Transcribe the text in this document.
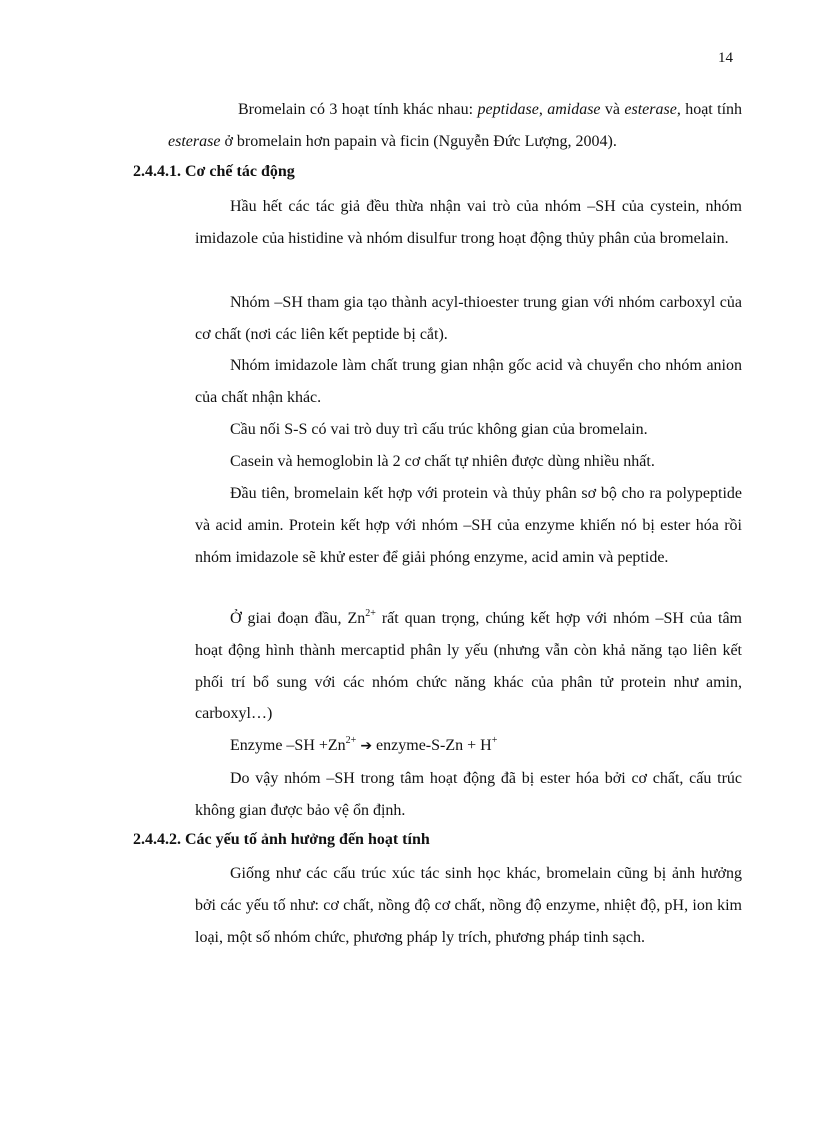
14
Bromelain có 3 hoạt tính khác nhau: peptidase, amidase và esterase, hoạt tính esterase ở bromelain hơn papain và ficin (Nguyễn Đức Lượng, 2004).
2.4.4.1. Cơ chế tác động
Hầu hết các tác giả đều thừa nhận vai trò của nhóm –SH của cystein, nhóm imidazole của histidine và nhóm disulfur trong hoạt động thủy phân của bromelain.
Nhóm –SH tham gia tạo thành acyl-thioester trung gian với nhóm carboxyl của cơ chất (nơi các liên kết peptide bị cắt).
Nhóm imidazole làm chất trung gian nhận gốc acid và chuyển cho nhóm anion của chất nhận khác.
Cầu nối S-S có vai trò duy trì cấu trúc không gian của bromelain.
Casein và hemoglobin là 2 cơ chất tự nhiên được dùng nhiều nhất.
Đầu tiên, bromelain kết hợp với protein và thủy phân sơ bộ cho ra polypeptide và acid amin. Protein kết hợp với nhóm –SH của enzyme khiến nó bị ester hóa rồi nhóm imidazole sẽ khử ester để giải phóng enzyme, acid amin và peptide.
Ở giai đoạn đầu, $Zn^{2+}$ rất quan trọng, chúng kết hợp với nhóm –SH của tâm hoạt động hình thành mercaptid phân ly yếu (nhưng vẫn còn khả năng tạo liên kết phối trí bổ sung với các nhóm chức năng khác của phân tử protein như amin, carboxyl…)
Enzyme $-SH +Zn^{2+}$ ➔ enzyme-S-Zn + H+
Do vậy nhóm –SH trong tâm hoạt động đã bị ester hóa bởi cơ chất, cấu trúc không gian được bảo vệ ổn định.
2.4.4.2. Các yếu tố ảnh hưởng đến hoạt tính
Giống như các cấu trúc xúc tác sinh học khác, bromelain cũng bị ảnh hưởng bởi các yếu tố như: cơ chất, nồng độ cơ chất, nồng độ enzyme, nhiệt độ, pH, ion kim loại, một số nhóm chức, phương pháp ly trích, phương pháp tinh sạch.
